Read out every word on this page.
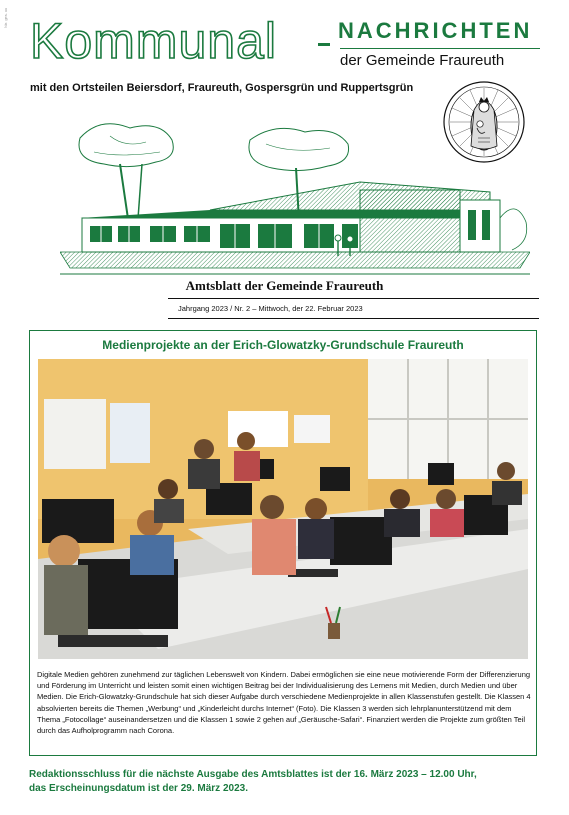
Ntr. ges. xx Kommunal	NACHRICHTEN
der Gemeinde Fraureuth
mit den Ortsteilen Beiersdorf, Fraureuth, Gospersgrün und Ruppertsgrün
Amtsblatt der Gemeinde Fraureuth
Jahrgang 2023 / Nr. 2 – Mittwoch, der 22. Februar 2023
Medienprojekte an der Erich-Glowatzky-Grundschule Fraureuth

Digitale Medien gehören zunehmend zur täglichen Lebenswelt von Kindern. Dabei ermöglichen sie eine neue motivierende Form der Differenzierung und Förderung im Unterricht und leisten somit einen wichtigen Beitrag bei der Individualisierung des Lernens mit Medien, durch Medien und über Medien. Die Erich-Glowatzky-Grundschule hat sich dieser Aufgabe durch verschiedene Medienprojekte in allen Klassenstufen gestellt. Die Klassen 4 absolvierten bereits die Themen „Werbung“ und „Kinderleicht durchs Internet“ (Foto). Die Klassen 3 werden sich lehrplanunterstützend mit dem Thema „Fotocollage“ auseinandersetzen und die Klassen 1 sowie 2 gehen auf „Geräusche-Safari“. Finanziert werden die Projekte zum größten Teil durch das Aufholprogramm nach Corona.

Redaktionsschluss für die nächste Ausgabe des Amtsblattes ist der 16. März 2023 – 12.00 Uhr,

das Erscheinungsdatum ist der 29. März 2023.
